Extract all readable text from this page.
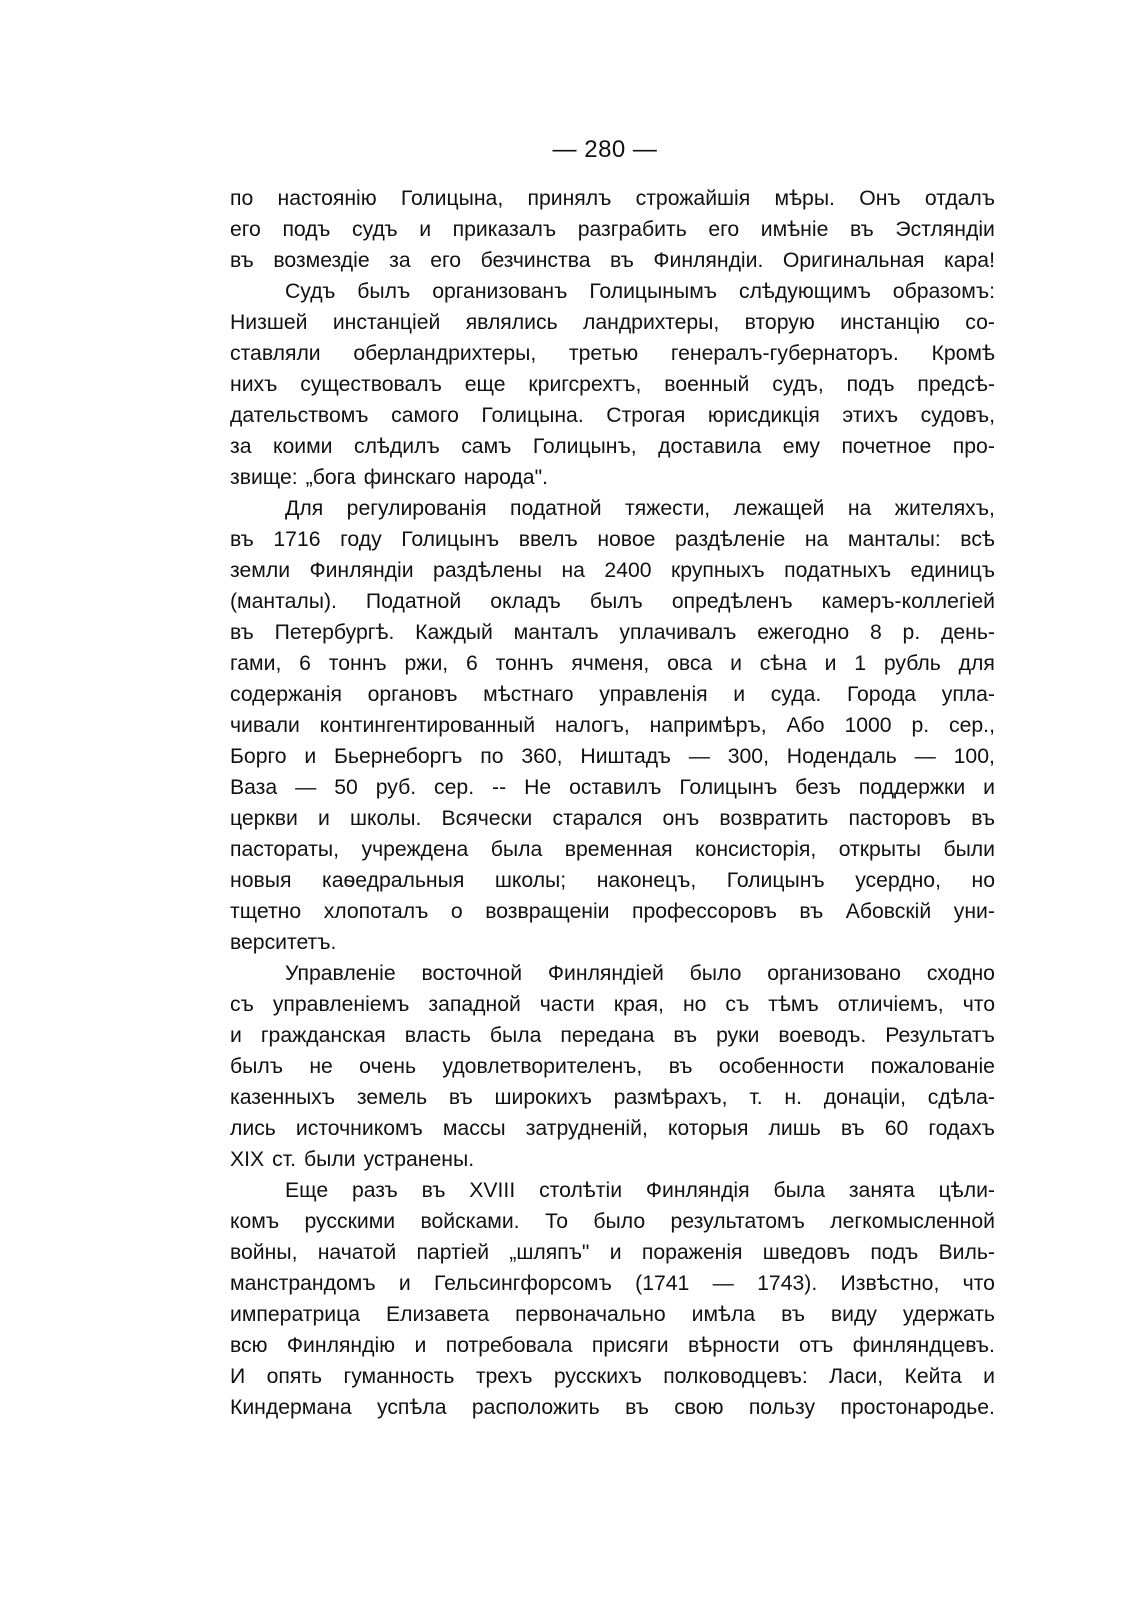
— 280 —
по настоянію Голицына, принялъ строжайшія мѣры. Онъ отдалъ
его подъ судъ и приказалъ разграбить его имѣніе въ Эстляндіи
въ возмездіе за его безчинства въ Финляндіи. Оригинальная кара!
Судъ былъ организованъ Голицынымъ слѣдующимъ образомъ:
Низшей инстанціей являлись ландрихтеры, вторую инстанцію со-
ставляли оберландрихтеры, третью генералъ-губернаторъ. Кромѣ
нихъ существовалъ еще кригсрехтъ, военный судъ, подъ предсѣ-
дательствомъ самого Голицына. Строгая юрисдикція этихъ судовъ,
за коими слѣдилъ самъ Голицынъ, доставила ему почетное про-
звище: „бога финскаго народа".
Для регулированія податной тяжести, лежащей на жителяхъ,
въ 1716 году Голицынъ ввелъ новое раздѣленіе на манталы: всѣ
земли Финляндіи раздѣлены на 2400 крупныхъ податныхъ единицъ
(манталы). Податной окладъ былъ опредѣленъ камеръ-коллегіей
въ Петербургѣ. Каждый манталъ уплачивалъ ежегодно 8 р. день-
гами, 6 тоннъ ржи, 6 тоннъ ячменя, овса и сѣна и 1 рубль для
содержанія органовъ мѣстнаго управленія и суда. Города упла-
чивали контингентированный налогъ, напримѣръ, Або 1000 р. сер.,
Борго и Бьернеборгъ по 360, Ништадъ — 300, Нодендаль — 100,
Ваза — 50 руб. сер. -- Не оставилъ Голицынъ безъ поддержки и
церкви и школы. Всячески старался онъ возвратить пасторовъ въ
пастораты, учреждена была временная консисторія, открыты были
новыя каѳедральныя школы; наконецъ, Голицынъ усердно, но
тщетно хлопоталъ о возвращеніи профессоровъ въ Абовскій уни-
верситетъ.
Управленіе восточной Финляндіей было организовано сходно
съ управленіемъ западной части края, но съ тѣмъ отличіемъ, что
и гражданская власть была передана въ руки воеводъ. Результатъ
былъ не очень удовлетворителенъ, въ особенности пожалованіе
казенныхъ земель въ широкихъ размѣрахъ, т. н. донаціи, сдѣла-
лись источникомъ массы затрудненій, которыя лишь въ 60 годахъ
XIX ст. были устранены.
Еще разъ въ XVIII столѣтіи Финляндія была занята цѣли-
комъ русскими войсками. То было результатомъ легкомысленной
войны, начатой партіей „шляпъ" и пораженія шведовъ подъ Виль-
манстрандомъ и Гельсингфорсомъ (1741 — 1743). Извѣстно, что
императрица Елизавета первоначально имѣла въ виду удержать
всю Финляндію и потребовала присяги вѣрности отъ финляндцевъ.
И опять гуманность трехъ русскихъ полководцевъ: Ласи, Кейта и
Киндермана успѣла расположить въ свою пользу простонародье.
